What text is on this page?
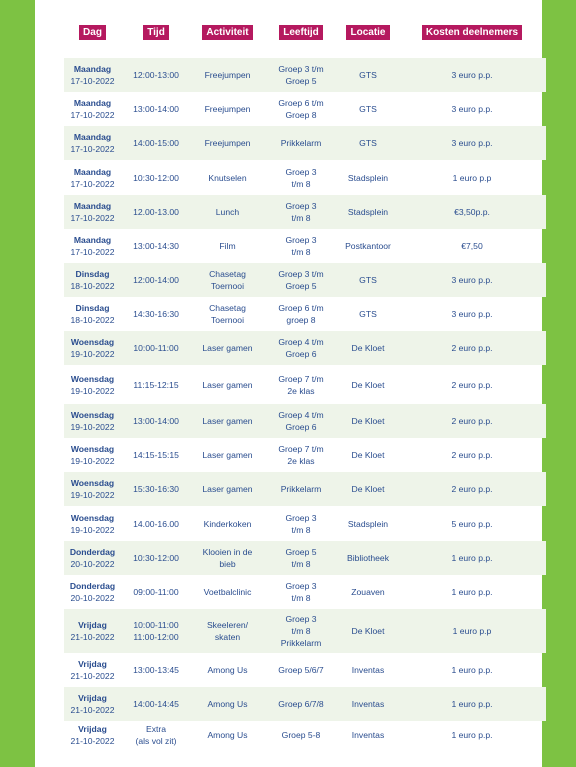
Dag	Tijd	Activiteit	Leeftijd	Locatie	Kosten deelnemers

Maandag
17-10-2022	12:00-13:00	Freejumpen	Groep 3 t/m
Groep 5	GTS	3 euro p.p.

Maandag
17-10-2022	13:00-14:00	Freejumpen	Groep 6 t/m
Groep 8	GTS	3 euro p.p.

Maandag
17-10-2022	14:00-15:00	Freejumpen	Prikkelarm	GTS	3 euro p.p.

Maandag
17-10-2022	10:30-12:00	Knutselen	Groep 3
t/m 8	Stadsplein	1 euro p.p

Maandag
17-10-2022	12.00-13.00	Lunch	Groep 3
t/m 8	Stadsplein	€3,50p.p.

Maandag
17-10-2022	13:00-14:30	Film	Groep 3
t/m 8	Postkantoor	€7,50

Dinsdag
18-10-2022	12:00-14:00	Chasetag
Toernooi	Groep 3 t/m
Groep 5	GTS	3 euro p.p.

Dinsdag
18-10-2022	14:30-16:30	Chasetag
Toernooi	Groep 6 t/m
groep 8	GTS	3 euro p.p.

Woensdag
19-10-2022	10:00-11:00	Laser gamen	Groep 4 t/m
Groep 6	De Kloet	2 euro p.p.

Woensdag
19-10-2022	11:15-12:15	Laser gamen	Groep 7 t/m
2e klas	De Kloet	2 euro p.p.

Woensdag
19-10-2022	13:00-14:00	Laser gamen	Groep 4 t/m
Groep 6	De Kloet	2 euro p.p.

Woensdag
19-10-2022	14:15-15:15	Laser gamen	Groep 7 t/m
2e klas	De Kloet	2 euro p.p.

Woensdag
19-10-2022	15:30-16:30	Laser gamen	Prikkelarm	De Kloet	2 euro p.p.

Woensdag
19-10-2022	14.00-16.00	Kinderkoken	Groep 3
t/m 8	Stadsplein	5 euro p.p.

Donderdag
20-10-2022	10:30-12:00	Klooien in de
bieb	Groep 5
t/m 8	Bibliotheek	1 euro p.p.

Donderdag
20-10-2022	09:00-11:00	Voetbalclinic	Groep 3
t/m 8	Zouaven	1 euro p.p.

Vrijdag
21-10-2022	10:00-11:00
11:00-12:00	Skeeleren/
skaten	Groep 3
t/m 8
Prikkelarm	De Kloet	1 euro p.p

Vrijdag
21-10-2022	13:00-13:45	Among Us	Groep 5/6/7	Inventas	1 euro p.p.

Vrijdag
21-10-2022	14:00-14:45	Among Us	Groep 6/7/8	Inventas	1 euro p.p.

Vrijdag
21-10-2022	Extra
(als vol zit)	Among Us	Groep 5-8	Inventas	1 euro p.p.
